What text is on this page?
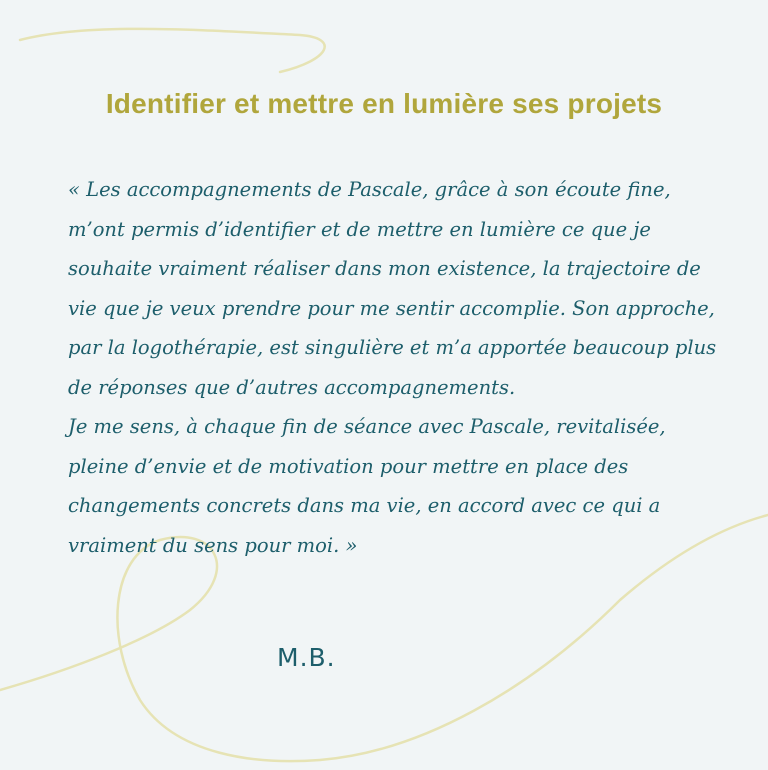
Identifier et mettre en lumière ses projets

« Les accompagnements de Pascale, grâce à son écoute fine, m’ont permis d’identifier et de mettre en lumière ce que je souhaite vraiment réaliser dans mon existence, la trajectoire de vie que je veux prendre pour me sentir accomplie. Son approche, par la logothérapie, est singulière et m’a apportée beaucoup plus de réponses que d’autres accompagnements.

Je me sens, à chaque fin de séance avec Pascale, revitalisée, pleine d’envie et de motivation pour mettre en place des changements concrets dans ma vie, en accord avec ce qui a vraiment du sens pour moi. »

M.B.
